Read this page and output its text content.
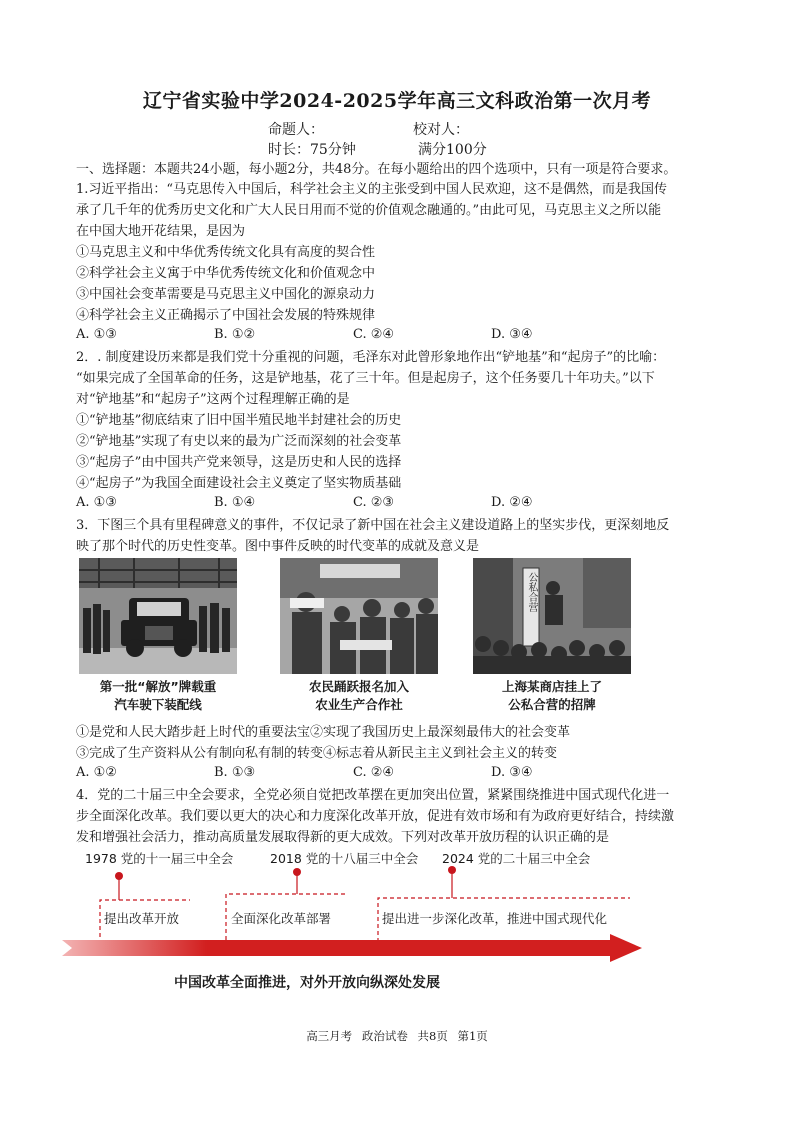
辽宁省实验中学2024-2025学年高三文科政治第一次月考
命题人：	校对人：
时长：75分钟	满分100分
一、选择题：本题共24小题，每小题2分，共48分。在每小题给出的四个选项中，只有一项是符合要求。
1.习近平指出：“马克思传入中国后，科学社会主义的主张受到中国人民欢迎，这不是偶然，而是我国传
承了几千年的优秀历史文化和广大人民日用而不觉的价值观念融通的。”由此可见，马克思主义之所以能
在中国大地开花结果，是因为
①马克思主义和中华优秀传统文化具有高度的契合性
②科学社会主义寓于中华优秀传统文化和价值观念中
③中国社会变革需要是马克思主义中国化的源泉动力
④科学社会主义正确揭示了中国社会发展的特殊规律
A. ①③	B. ①②	C. ②④	D. ③④
2．. 制度建设历来都是我们党十分重视的问题，毛泽东对此曾形象地作出“铲地基”和“起房子”的比喻：
“如果完成了全国革命的任务，这是铲地基，花了三十年。但是起房子，这个任务要几十年功夫。”以下
对“铲地基”和“起房子”这两个过程理解正确的是
①“铲地基”彻底结束了旧中国半殖民地半封建社会的历史
②“铲地基”实现了有史以来的最为广泛而深刻的社会变革
③“起房子”由中国共产党来领导，这是历史和人民的选择
④“起房子”为我国全面建设社会主义奠定了坚实物质基础
A. ①③	B. ①④	C. ②③	D. ②④
3．下图三个具有里程碑意义的事件，不仅记录了新中国在社会主义建设道路上的坚实步伐，更深刻地反
映了那个时代的历史性变革。图中事件反映的时代变革的成就及意义是
第一批“解放”牌载重
汽车驶下装配线
农民踊跃报名加入
农业生产合作社
公私合营
上海某商店挂上了
公私合营的招牌
①是党和人民大踏步赶上时代的重要法宝②实现了我国历史上最深刻最伟大的社会变革
③完成了生产资料从公有制向私有制的转变④标志着从新民主主义到社会主义的转变
A. ①②	B. ①③	C. ②④	D. ③④
4．党的二十届三中全会要求，全党必须自觉把改革摆在更加突出位置，紧紧围绕推进中国式现代化进一
步全面深化改革。我们要以更大的决心和力度深化改革开放，促进有效市场和有为政府更好结合，持续激
发和增强社会活力，推动高质量发展取得新的更大成效。下列对改革开放历程的认识正确的是
1978 党的十一届三中全会	2018 党的十八届三中全会 2024 党的二十届三中全会
提出改革开放	全面深化改革部署	提出进一步深化改革，推进中国式现代化
中国改革全面推进，对外开放向纵深处发展
高三月考 政治试卷 共8页 第1页
